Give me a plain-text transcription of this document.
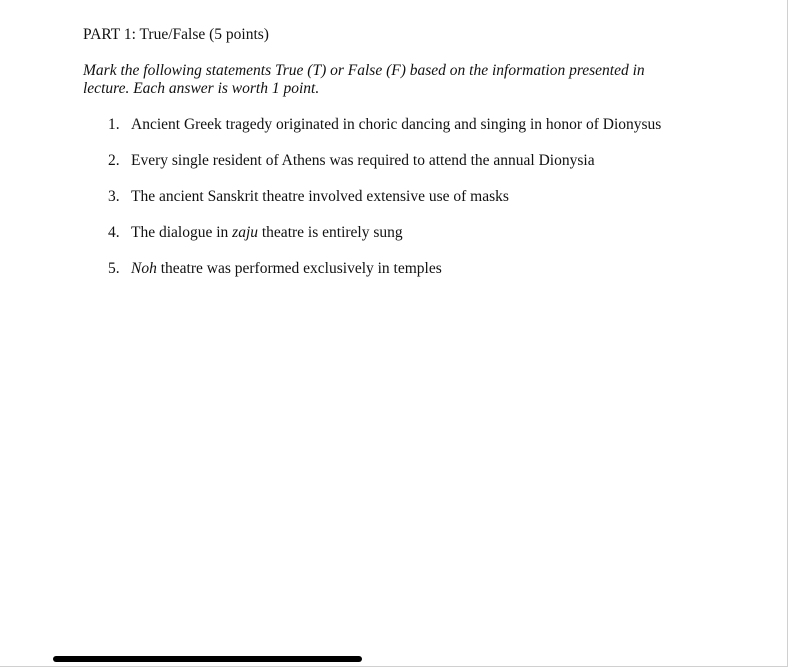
PART 1: True/False (5 points)
Mark the following statements True (T) or False (F) based on the information presented in lecture. Each answer is worth 1 point.
1. Ancient Greek tragedy originated in choric dancing and singing in honor of Dionysus
2. Every single resident of Athens was required to attend the annual Dionysia
3. The ancient Sanskrit theatre involved extensive use of masks
4. The dialogue in zaju theatre is entirely sung
5. Noh theatre was performed exclusively in temples
